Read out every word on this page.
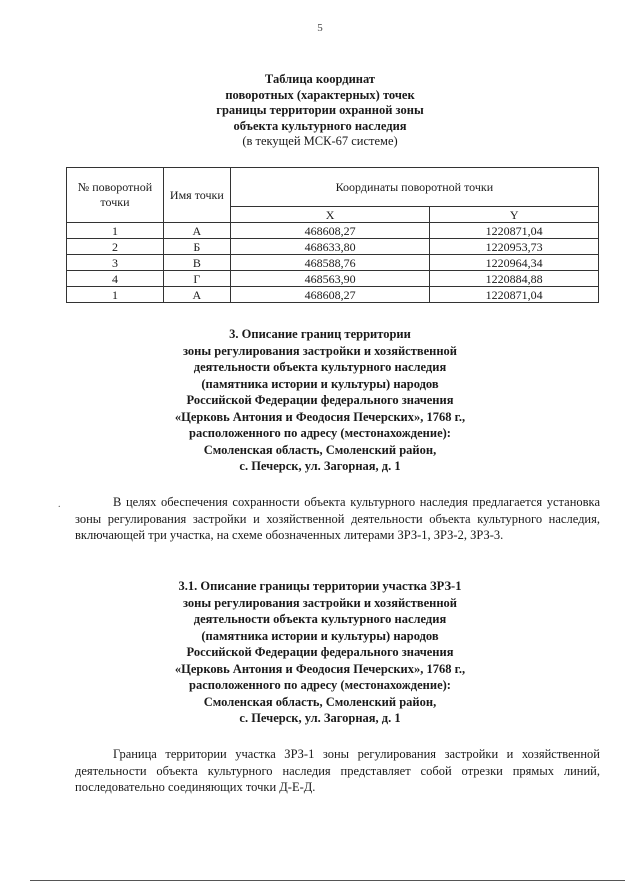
5
Таблица координат
поворотных (характерных) точек
границы территории охранной зоны
объекта культурного наследия
(в текущей МСК-67 системе)
№ поворотной точки	Имя точки	Координаты поворотной точки	
		X	Y
1	А	468608,27	1220871,04
2	Б	468633,80	1220953,73
3	В	468588,76	1220964,34
4	Г	468563,90	1220884,88
1	А	468608,27	1220871,04
3. Описание границ территории
зоны регулирования застройки и хозяйственной
деятельности объекта культурного наследия
(памятника истории и культуры) народов
Российской Федерации федерального значения
«Церковь Антония и Феодосия Печерских», 1768 г.,
расположенного по адресу (местонахождение):
Смоленская область, Смоленский район,
с. Печерск, ул. Загорная, д. 1
.	В целях обеспечения сохранности объекта культурного наследия предлагается установка зоны регулирования застройки и хозяйственной деятельности объекта культурного наследия, включающей три участка, на схеме обозначенных литерами ЗРЗ-1, ЗРЗ-2, ЗРЗ-3.
3.1. Описание границы территории участка ЗРЗ-1
зоны регулирования застройки и хозяйственной
деятельности объекта культурного наследия
(памятника истории и культуры) народов
Российской Федерации федерального значения
«Церковь Антония и Феодосия Печерских», 1768 г.,
расположенного по адресу (местонахождение):
Смоленская область, Смоленский район,
с. Печерск, ул. Загорная, д. 1
Граница территории участка ЗРЗ-1 зоны регулирования застройки и хозяйственной деятельности объекта культурного наследия представляет собой отрезки прямых линий, последовательно соединяющих точки Д-Е-Д.
